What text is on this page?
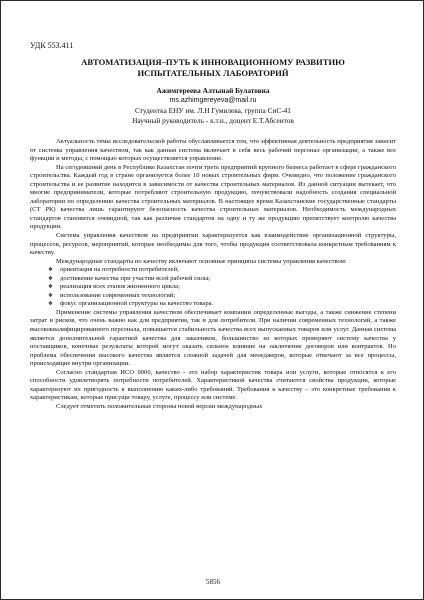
УДК 553.411
АВТОМАТИЗАЦИЯ–ПУТЬ К ИННОВАЦИОННОМУ РАЗВИТИЮ
ИСПЫТАТЕЛЬНЫХ ЛАБОРАТОРИЙ
Ажимгереева Алтынай Булатовна
ms.azhimgereyeva@mail.ru
Студентка ЕНУ им. Л.Н Гумилева, группа СиС-41
Научный руководитель - к.т.н., доцент Е.Т.Абсеитов

Актуальность темы исследовательской работы обуславливается тем, что эффективная деятельность предприятия зависит от системы управления качеством, так как данная система включает в себя весь рабочий персонал организации, а также все функции и методы, с помощью которых осуществляется управление.

На сегодняшний день в Республике Казахстан почти треть предприятий крупного бизнеса работает в сфере гражданского строительства. Каждый год в стране организуется более 10 новых строительных фирм. Очевидно, что положение гражданского строительства и ее развитие находится в зависимости от качества строительных материалов. Из данной ситуации вытекает, что многие предприниматели, которые потребляют строительную продукцию, почувствовали надобность создания специальной лаборатории по определению качества строительных материалов. В настоящее время Казахстанские государственные стандарты (СТ РК) качества лишь гарантируют безопасность качества строительных материалов. Необходимость международных стандартов становится очевидной, так как различия стандартов на одну и ту же продукцию препятствует контролю качества продукции.

Система управления качеством на предприятии характеризуется как взаимодействие организационной структуры, процессов, ресурсов, мероприятий, которые необходимы для того, чтобы продукция соответствовала конкретным требованиям к качеству.

Международные стандарты по качеству включают основные принципы системы управления качеством:

❖ ориентация на потребности потребителей;
❖ достижение качества при участии всей рабочей силы;
❖ реализация всех этапов жизненного цикла;
❖ использование современных технологий;
❖ фокус организационной структуры на качество товара.

Применение системы управления качеством обеспечивает компании определенные выгоды, а также снижение степени затрат и рисков, что очень важно как для предприятия, так и для потребителя. При наличии современных технологий, а также высококвалифицированного персонала, повышается стабильность качества всех выпускаемых товаров или услуг. Данная система является дополнительной гарантией качества для заказчиков, большинство из которых проверяют систему качества у поставщиков, конечные результаты которой могут оказать сильное влияние на заключение договоров или контрактов. Но проблема обеспечения высокого качества является сложной задачей для менеджеров, которые отвечают за все процессы, происходящие внутри организации.

Согласно стандартам ИСО 9000, качество - это набор характеристик товара или услуги, которые относятся к его способности удовлетворять потребности потребителей. Характеристикой качества считаются свойства продукции, которые характеризуют их пригодность к выполнению каких-либо требований. Требования к качеству – это конкретные требования к характеристикам, которые присущи товару, услуге, процессу или системе.

Следует отметить положительные стороны новой версии международных

5856
